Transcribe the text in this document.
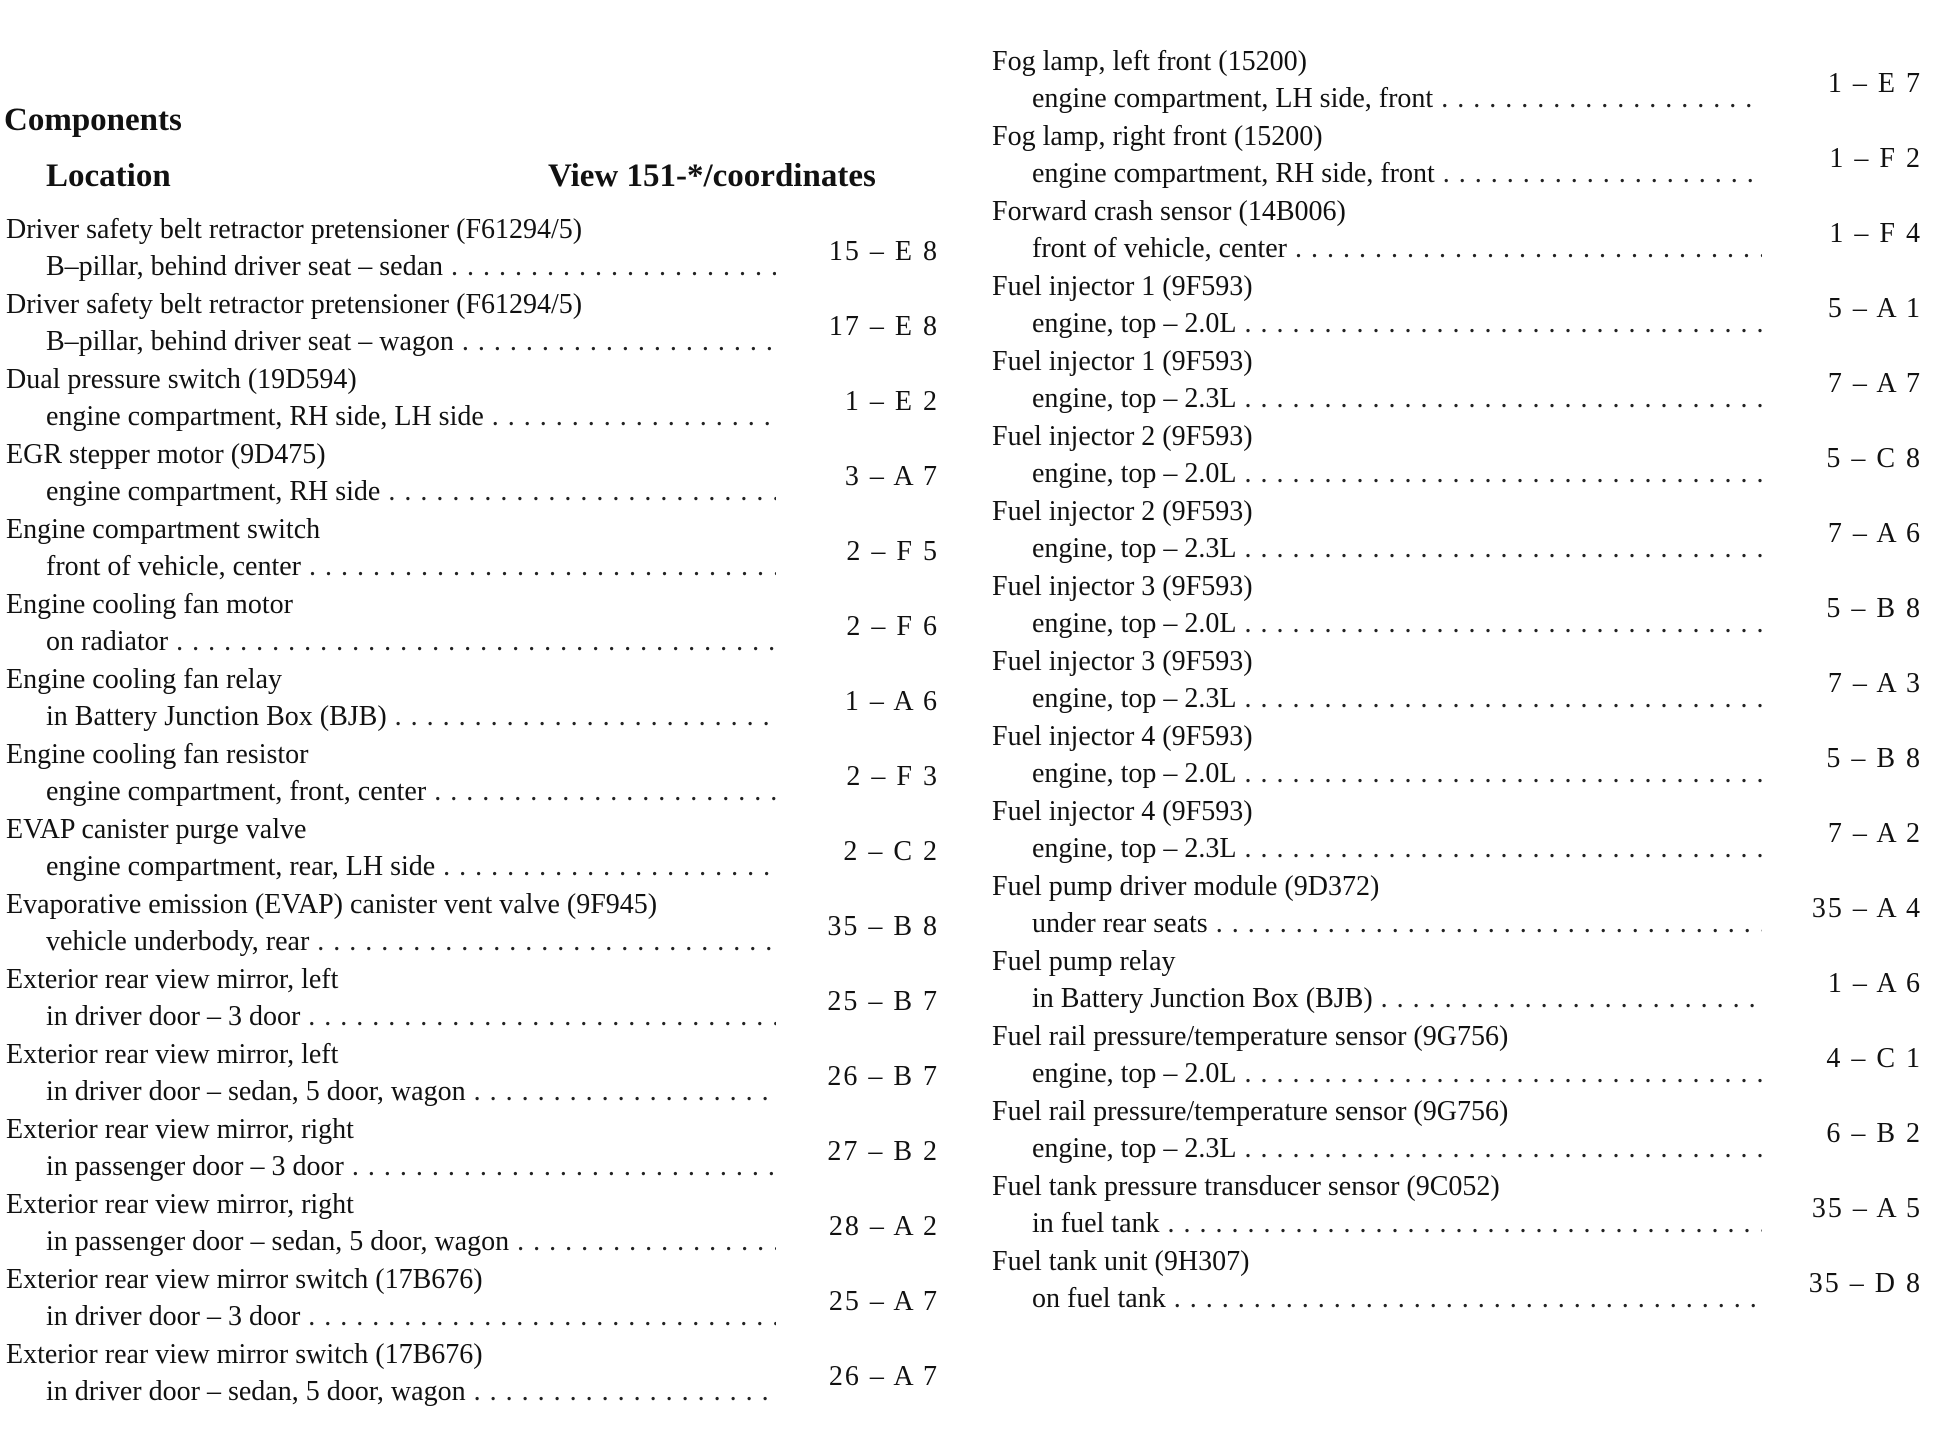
Components
Location	View 151-*/coordinates
Driver safety belt retractor pretensioner (F61294/5)
B–pillar, behind driver seat – sedan . . .	15 – E 8
Driver safety belt retractor pretensioner (F61294/5)
B–pillar, behind driver seat – wagon . . .	17 – E 8
Dual pressure switch (19D594)
engine compartment, RH side, LH side . . .	1 – E 2
EGR stepper motor (9D475)
engine compartment, RH side . . .	3 – A 7
Engine compartment switch
front of vehicle, center . . .	2 – F 5
Engine cooling fan motor
on radiator . . .	2 – F 6
Engine cooling fan relay
in Battery Junction Box (BJB) . . .	1 – A 6
Engine cooling fan resistor
engine compartment, front, center . . .	2 – F 3
EVAP canister purge valve
engine compartment, rear, LH side . . .	2 – C 2
Evaporative emission (EVAP) canister vent valve (9F945)
vehicle underbody, rear . . .	35 – B 8
Exterior rear view mirror, left
in driver door – 3 door . . .	25 – B 7
Exterior rear view mirror, left
in driver door – sedan, 5 door, wagon . . .	26 – B 7
Exterior rear view mirror, right
in passenger door – 3 door . . .	27 – B 2
Exterior rear view mirror, right
in passenger door – sedan, 5 door, wagon . . .	28 – A 2
Exterior rear view mirror switch (17B676)
in driver door – 3 door . . .	25 – A 7
Exterior rear view mirror switch (17B676)
in driver door – sedan, 5 door, wagon . . .	26 – A 7
Fog lamp, left front (15200)
engine compartment, LH side, front . . .	1 – E 7
Fog lamp, right front (15200)
engine compartment, RH side, front . . .	1 – F 2
Forward crash sensor (14B006)
front of vehicle, center . . .	1 – F 4
Fuel injector 1 (9F593)
engine, top – 2.0L . . .	5 – A 1
Fuel injector 1 (9F593)
engine, top – 2.3L . . .	7 – A 7
Fuel injector 2 (9F593)
engine, top – 2.0L . . .	5 – C 8
Fuel injector 2 (9F593)
engine, top – 2.3L . . .	7 – A 6
Fuel injector 3 (9F593)
engine, top – 2.0L . . .	5 – B 8
Fuel injector 3 (9F593)
engine, top – 2.3L . . .	7 – A 3
Fuel injector 4 (9F593)
engine, top – 2.0L . . .	5 – B 8
Fuel injector 4 (9F593)
engine, top – 2.3L . . .	7 – A 2
Fuel pump driver module (9D372)
under rear seats . . .	35 – A 4
Fuel pump relay
in Battery Junction Box (BJB) . . .	1 – A 6
Fuel rail pressure/temperature sensor (9G756)
engine, top – 2.0L . . .	4 – C 1
Fuel rail pressure/temperature sensor (9G756)
engine, top – 2.3L . . .	6 – B 2
Fuel tank pressure transducer sensor (9C052)
in fuel tank . . .	35 – A 5
Fuel tank unit (9H307)
on fuel tank . . .	35 – D 8
